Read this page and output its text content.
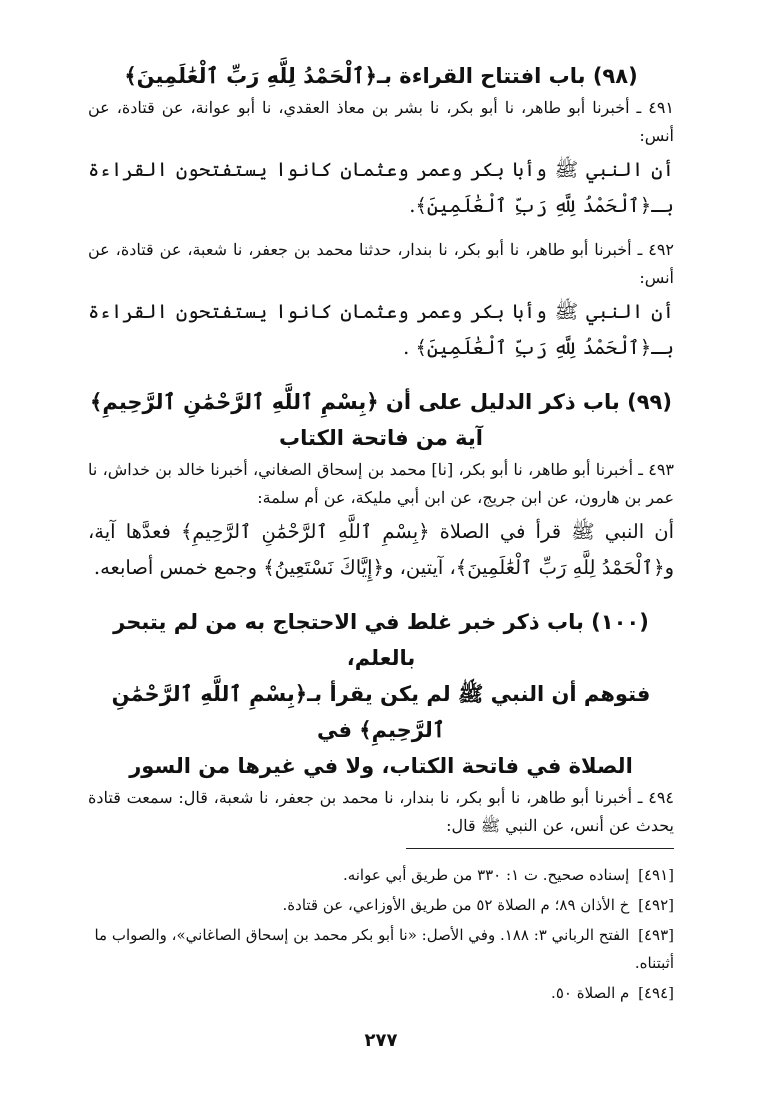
(٩٨) باب افتتاح القراءة بـ﴿ٱلْحَمْدُ لِلَّهِ رَبِّ ٱلْعَٰلَمِينَ﴾

٤٩١ ـ أخبرنا أبو طاهر، نا أبو بكر، نا بشر بن معاذ العقدي، نا أبو عوانة، عن قتادة، عن أنس:

أن النبي ﷺ وأبا بكر وعمر وعثمان كانوا يستفتحون القراءة بـ﴿ٱلْحَمْدُ لِلَّهِ رَبِّ ٱلْعَٰلَمِينَ﴾.

٤٩٢ ـ أخبرنا أبو طاهر، نا أبو بكر، نا بندار، حدثنا محمد بن جعفر، نا شعبة، عن قتادة، عن أنس:

أن النبي ﷺ وأبا بكر وعمر وعثمان كانوا يستفتحون القراءة بـ﴿ٱلْحَمْدُ لِلَّهِ رَبِّ ٱلْعَٰلَمِينَ﴾ .

(٩٩) باب ذكر الدليل على أن ﴿بِسْمِ ٱللَّهِ ٱلرَّحْمَٰنِ ٱلرَّحِيمِ﴾
آية من فاتحة الكتاب

٤٩٣ ـ أخبرنا أبو طاهر، نا أبو بكر، [نا] محمد بن إسحاق الصغاني، أخبرنا خالد بن خداش، نا عمر بن هارون، عن ابن جريج، عن ابن أبي مليكة، عن أم سلمة:

أن النبي ﷺ قرأ في الصلاة ﴿بِسْمِ ٱللَّهِ ٱلرَّحْمَٰنِ ٱلرَّحِيمِ﴾ فعدَّها آية، و﴿ٱلْحَمْدُ لِلَّهِ رَبِّ ٱلْعَٰلَمِينَ﴾، آيتين، و﴿إِيَّاكَ نَسْتَعِينُ﴾ وجمع خمس أصابعه.

(١٠٠) باب ذكر خبر غلط في الاحتجاج به من لم يتبحر بالعلم،
فتوهم أن النبي ﷺ لم يكن يقرأ بـ﴿بِسْمِ ٱللَّهِ ٱلرَّحْمَٰنِ ٱلرَّحِيمِ﴾ في
الصلاة في فاتحة الكتاب، ولا في غيرها من السور

٤٩٤ ـ أخبرنا أبو طاهر، نا أبو بكر، نا بندار، نا محمد بن جعفر، نا شعبة، قال: سمعت قتادة يحدث عن أنس، عن النبي ﷺ قال:

[٤٩١] إسناده صحيح. ت ١: ٣٣٠ من طريق أبي عوانه.

[٤٩٢] خ الأذان ٨٩؛ م الصلاة ٥٢ من طريق الأوزاعي، عن قتادة.

[٤٩٣] الفتح الرباني ٣: ١٨٨. وفي الأصل: «نا أبو بكر محمد بن إسحاق الصاغاني»، والصواب ما أثبتناه.

[٤٩٤] م الصلاة ٥٠.

٢٧٧
